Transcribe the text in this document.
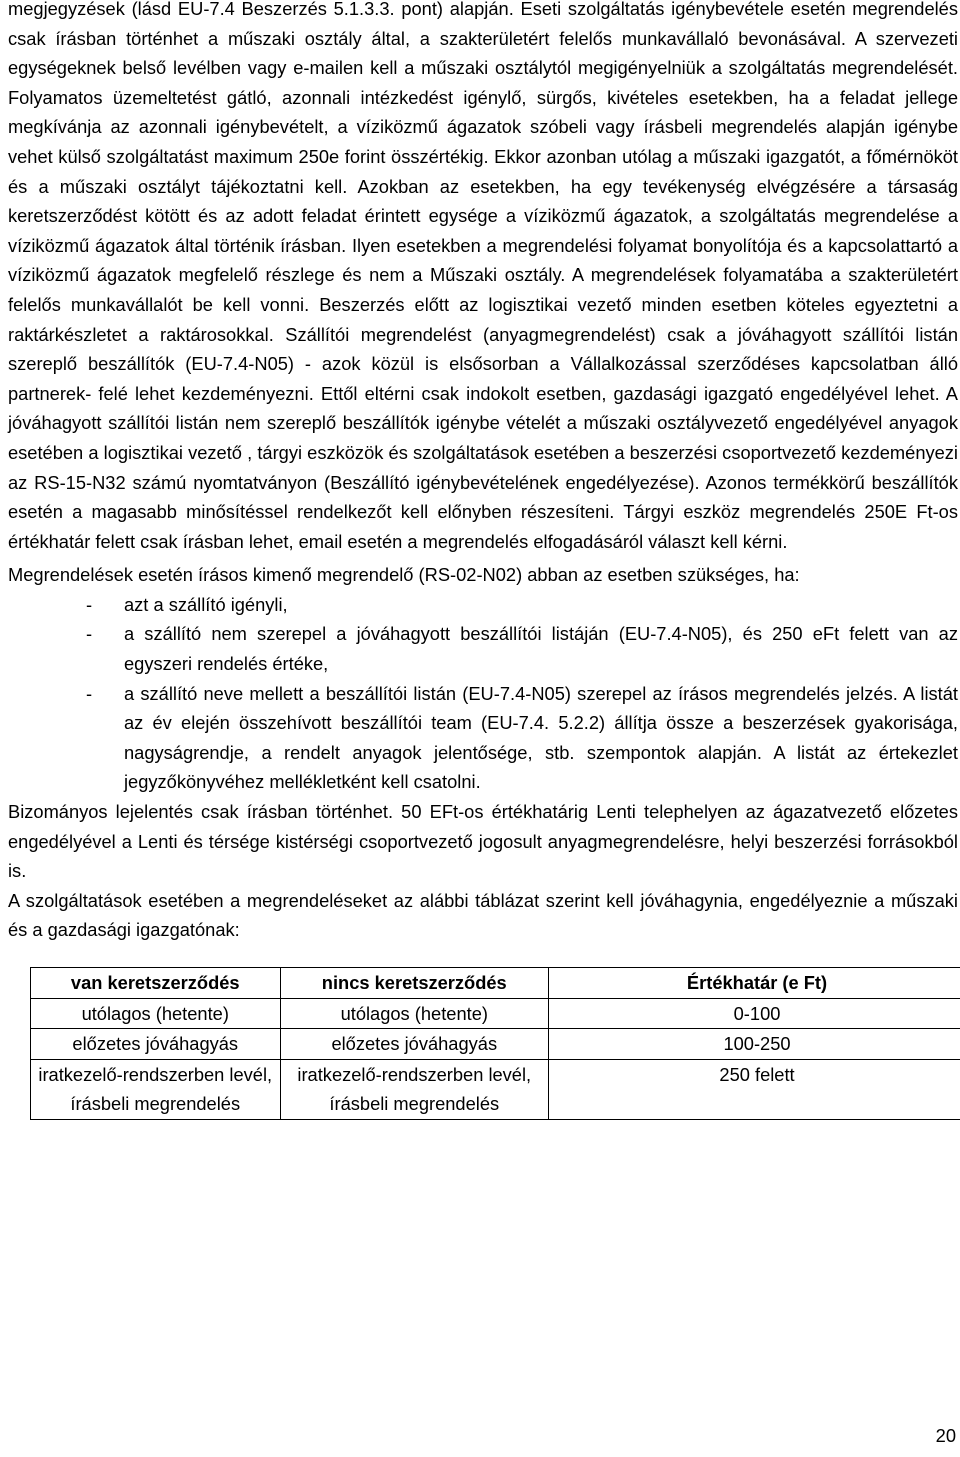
megjegyzések (lásd EU-7.4 Beszerzés 5.1.3.3. pont) alapján. Eseti szolgáltatás igénybevétele esetén megrendelés csak írásban történhet a műszaki osztály által, a szakterületért felelős munkavállaló bevonásával. A szervezeti egységeknek belső levélben vagy e-mailen kell a műszaki osztálytól megigényelniük a szolgáltatás megrendelését. Folyamatos üzemeltetést gátló, azonnali intézkedést igénylő, sürgős, kivételes esetekben, ha a feladat jellege megkívánja az azonnali igénybevételt, a víziközmű ágazatok szóbeli vagy írásbeli megrendelés alapján igénybe vehet külső szolgáltatást maximum 250e forint összértékig. Ekkor azonban utólag a műszaki igazgatót, a főmérnököt és a műszaki osztályt tájékoztatni kell. Azokban az esetekben, ha egy tevékenység elvégzésére a társaság keretszerződést kötött és az adott feladat érintett egysége a víziközmű ágazatok, a szolgáltatás megrendelése a víziközmű ágazatok által történik írásban. Ilyen esetekben a megrendelési folyamat bonyolítója és a kapcsolattartó a víziközmű ágazatok megfelelő részlege és nem a Műszaki osztály. A megrendelések folyamatába a szakterületért felelős munkavállalót be kell vonni. Beszerzés előtt az logisztikai vezető minden esetben köteles egyeztetni a raktárkészletet a raktárosokkal. Szállítói megrendelést (anyagmegrendelést) csak a jóváhagyott szállítói listán szereplő beszállítók (EU-7.4-N05) - azok közül is elsősorban a Vállalkozással szerződéses kapcsolatban álló partnerek- felé lehet kezdeményezni. Ettől eltérni csak indokolt esetben, gazdasági igazgató engedélyével lehet. A jóváhagyott szállítói listán nem szereplő beszállítók igénybe vételét a műszaki osztályvezető engedélyével anyagok esetében a logisztikai vezető , tárgyi eszközök és szolgáltatások esetében a beszerzési csoportvezető kezdeményezi az RS-15-N32 számú nyomtatványon (Beszállító igénybevételének engedélyezése). Azonos termékkörű beszállítók esetén a magasabb minősítéssel rendelkezőt kell előnyben részesíteni. Tárgyi eszköz megrendelés 250E Ft-os értékhatár felett csak írásban lehet, email esetén a megrendelés elfogadásáról választ kell kérni.

Megrendelések esetén írásos kimenő megrendelő (RS-02-N02) abban az esetben szükséges, ha:

- azt a szállító igényli,
- a szállító nem szerepel a jóváhagyott beszállítói listáján (EU-7.4-N05), és 250 eFt felett van az egyszeri rendelés értéke,
- a szállító neve mellett a beszállítói listán (EU-7.4-N05) szerepel az írásos megrendelés jelzés. A listát az év elején összehívott beszállítói team (EU-7.4. 5.2.2) állítja össze a beszerzések gyakorisága, nagyságrendje, a rendelt anyagok jelentősége, stb. szempontok alapján. A listát az értekezlet jegyzőkönyvéhez mellékletként kell csatolni.

Bizományos lejelentés csak írásban történhet. 50 EFt-os értékhatárig Lenti telephelyen az ágazatvezető előzetes engedélyével a Lenti és térsége kistérségi csoportvezető jogosult anyagmegrendelésre, helyi beszerzési forrásokból is.

A szolgáltatások esetében a megrendeléseket az alábbi táblázat szerint kell jóváhagynia, engedélyeznie a műszaki és a gazdasági igazgatónak:

van keretszerződés	nincs keretszerződés	Értékhatár (e Ft)
utólagos (hetente)	utólagos (hetente)	0-100
előzetes jóváhagyás	előzetes jóváhagyás	100-250
iratkezelő-rendszerben levél, írásbeli megrendelés	iratkezelő-rendszerben levél, írásbeli megrendelés	250 felett
20
